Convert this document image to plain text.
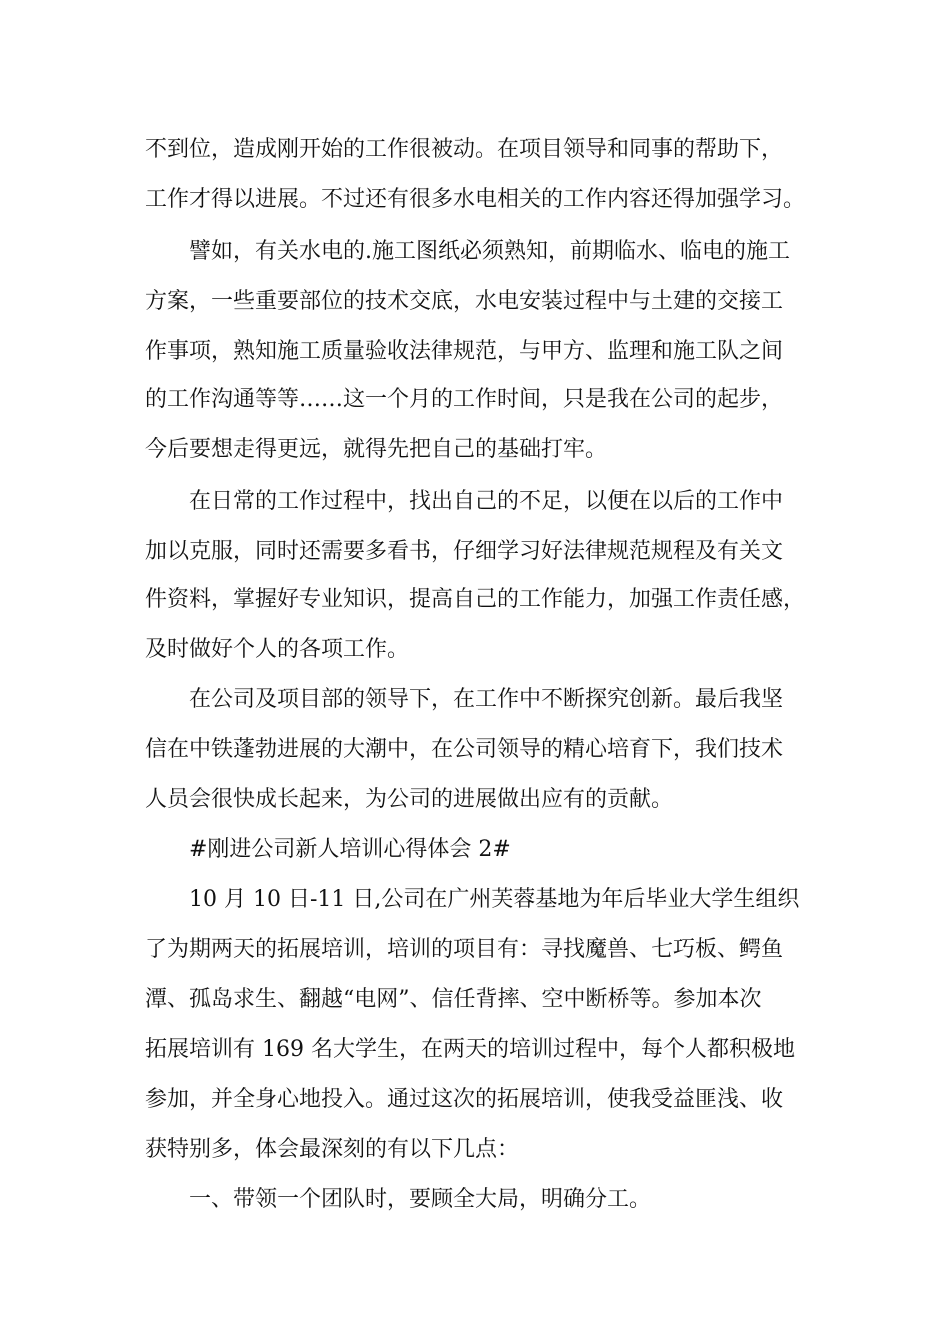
不到位，造成刚开始的工作很被动。在项目领导和同事的帮助下，
工作才得以进展。不过还有很多水电相关的工作内容还得加强学习。
譬如，有关水电的.施工图纸必须熟知，前期临水、临电的施工
方案，一些重要部位的技术交底，水电安装过程中与土建的交接工
作事项，熟知施工质量验收法律规范，与甲方、监理和施工队之间
的工作沟通等等……这一个月的工作时间，只是我在公司的起步，
今后要想走得更远，就得先把自己的基础打牢。
在日常的工作过程中，找出自己的不足，以便在以后的工作中
加以克服，同时还需要多看书，仔细学习好法律规范规程及有关文
件资料，掌握好专业知识，提高自己的工作能力，加强工作责任感，
及时做好个人的各项工作。
在公司及项目部的领导下，在工作中不断探究创新。最后我坚
信在中铁蓬勃进展的大潮中，在公司领导的精心培育下，我们技术
人员会很快成长起来，为公司的进展做出应有的贡献。
#刚进公司新人培训心得体会 2#
10 月 10 日-11 日,公司在广州芙蓉基地为年后毕业大学生组织
了为期两天的拓展培训，培训的项目有：寻找魔兽、七巧板、鳄鱼
潭、孤岛求生、翻越“电网”、信任背摔、空中断桥等。参加本次
拓展培训有 169 名大学生，在两天的培训过程中，每个人都积极地
参加，并全身心地投入。通过这次的拓展培训，使我受益匪浅、收
获特别多，体会最深刻的有以下几点：
一、带领一个团队时，要顾全大局，明确分工。
